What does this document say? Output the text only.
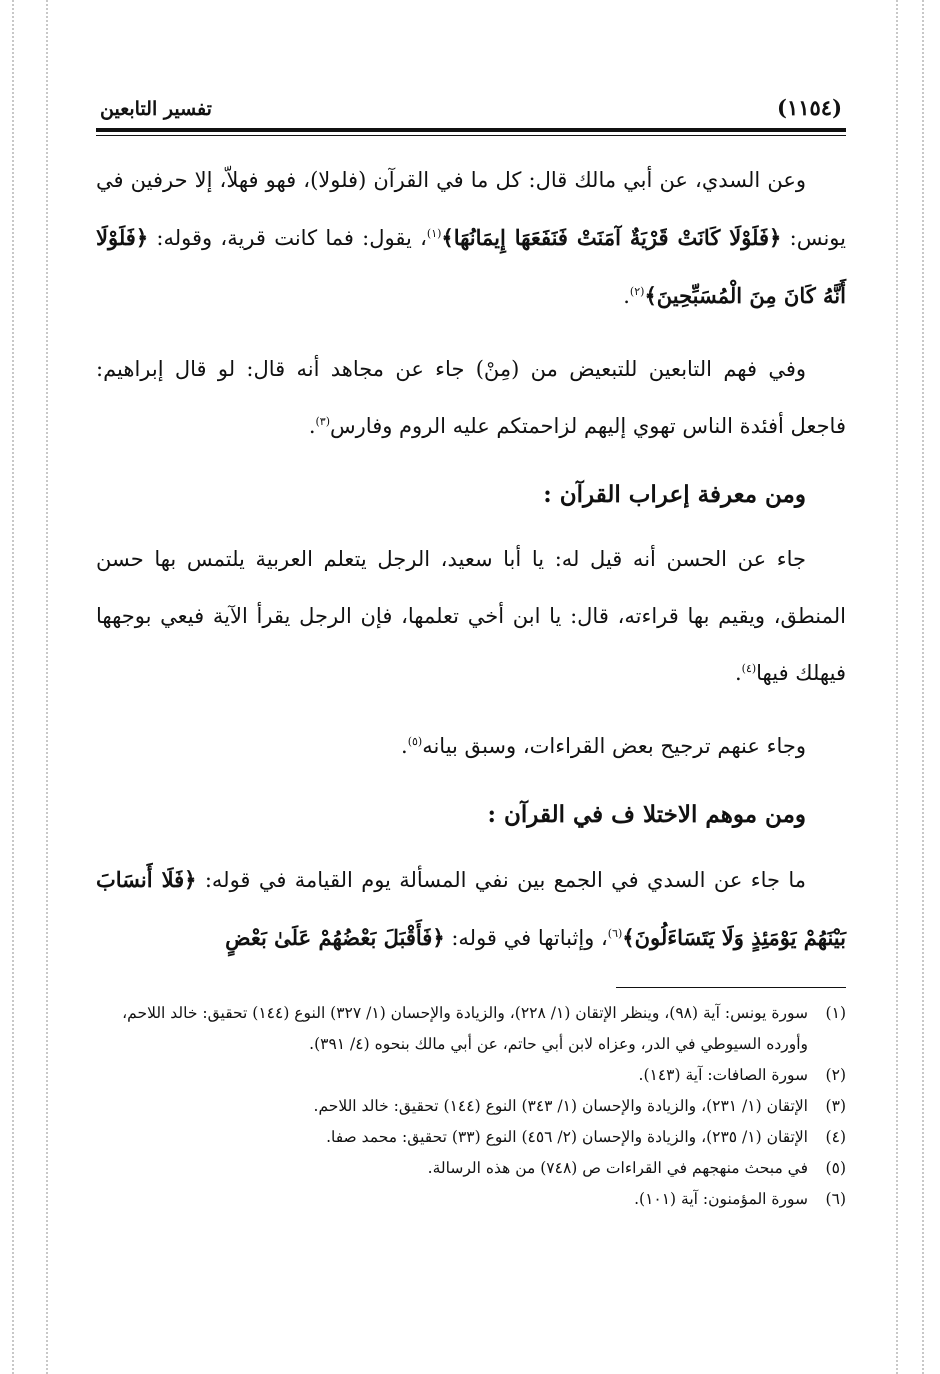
(١١٥٤)
تفسير التابعين

وعن السدي، عن أبي مالك قال: كل ما في القرآن (فلولا)، فهو فهلاّ، إلا حرفين في يونس: ﴿فَلَوْلَا كَانَتْ قَرْيَةٌ آمَنَتْ فَنَفَعَهَا إِيمَانُهَا﴾$^{(١)}$، يقول: فما كانت قرية، وقوله: ﴿فَلَوْلَا أَنَّهُ كَانَ مِنَ الْمُسَبِّحِينَ﴾$^{(٢)}$.

وفي فهم التابعين للتبعيض من (مِنْ) جاء عن مجاهد أنه قال: لو قال إبراهيم: فاجعل أفئدة الناس تهوي إليهم لزاحمتكم عليه الروم وفارس$^{(٣)}$.

ومن معرفة إعراب القرآن :

جاء عن الحسن أنه قيل له: يا أبا سعيد، الرجل يتعلم العربية يلتمس بها حسن المنطق، ويقيم بها قراءته، قال: يا ابن أخي تعلمها، فإن الرجل يقرأ الآية فيعي بوجهها فيهلك فيها$^{(٤)}$.

وجاء عنهم ترجيح بعض القراءات، وسبق بيانه$^{(٥)}$.

ومن موهم الاختلا ف في القرآن :

ما جاء عن السدي في الجمع بين نفي المسألة يوم القيامة في قوله: ﴿فَلَا أَنسَابَ بَيْنَهُمْ يَوْمَئِذٍ وَلَا يَتَسَاءَلُونَ﴾$^{(٦)}$، وإثباتها في قوله: ﴿فَأَقْبَلَ بَعْضُهُمْ عَلَىٰ بَعْضٍ

(١)
سورة يونس: آية (٩٨)، وينظر الإتقان (١/ ٢٢٨)، والزيادة والإحسان (١/ ٣٢٧) النوع (١٤٤) تحقيق: خالد اللاحم، وأورده السيوطي في الدر، وعزاه لابن أبي حاتم، عن أبي مالك بنحوه (٤/ ٣٩١).
(٢)
سورة الصافات: آية (١٤٣).
(٣)
الإتقان (١/ ٢٣١)، والزيادة والإحسان (١/ ٣٤٣) النوع (١٤٤) تحقيق: خالد اللاحم.
(٤)
الإتقان (١/ ٢٣٥)، والزيادة والإحسان (٢/ ٤٥٦) النوع (٣٣) تحقيق: محمد صفا.
(٥)
في مبحث منهجهم في القراءات ص (٧٤٨) من هذه الرسالة.
(٦)
سورة المؤمنون: آية (١٠١).
